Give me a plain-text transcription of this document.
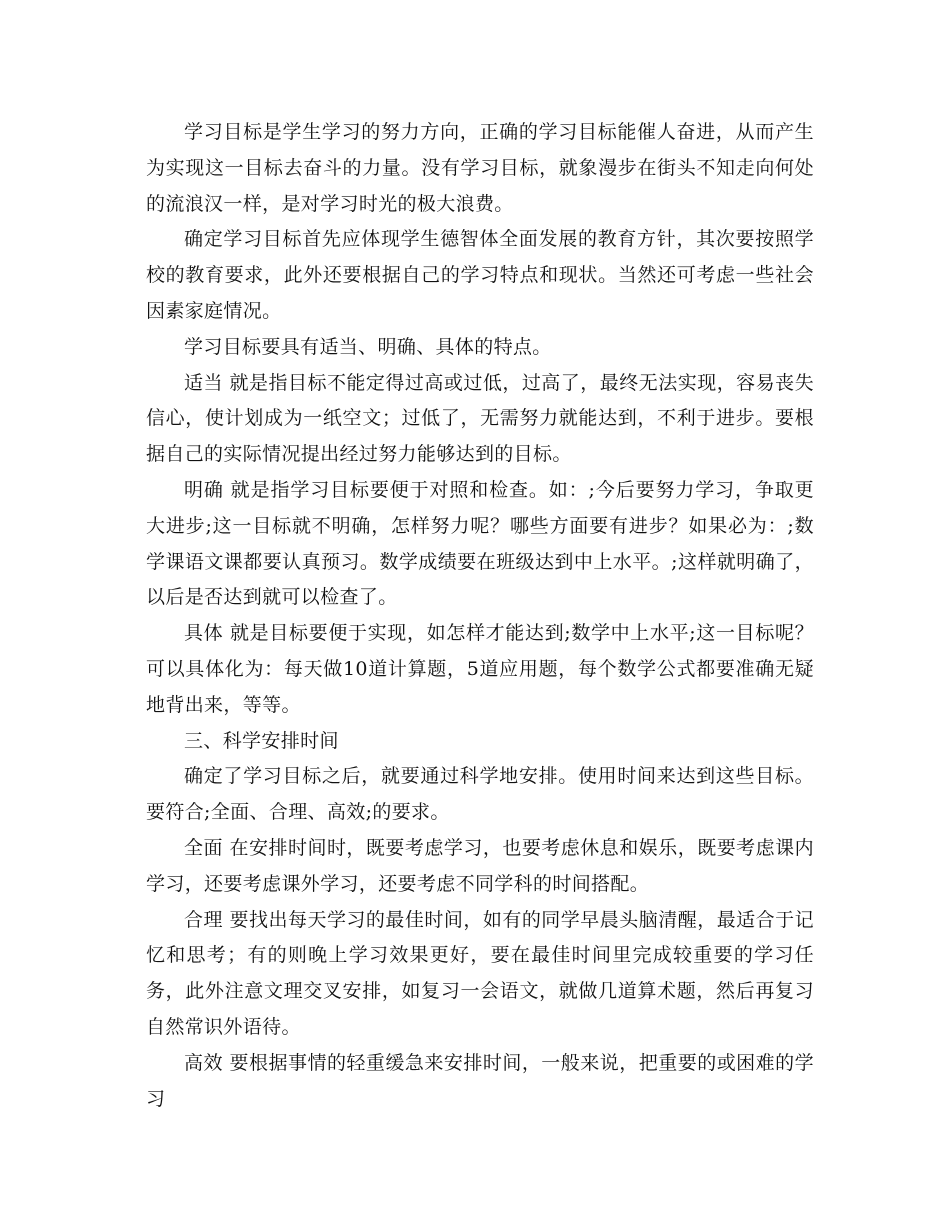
学习目标是学生学习的努力方向，正确的学习目标能催人奋进，从而产生为实现这一目标去奋斗的力量。没有学习目标，就象漫步在街头不知走向何处的流浪汉一样，是对学习时光的极大浪费。

确定学习目标首先应体现学生德智体全面发展的教育方针，其次要按照学校的教育要求，此外还要根据自己的学习特点和现状。当然还可考虑一些社会因素家庭情况。

学习目标要具有适当、明确、具体的特点。

适当 就是指目标不能定得过高或过低，过高了，最终无法实现，容易丧失信心，使计划成为一纸空文；过低了，无需努力就能达到，不利于进步。要根据自己的实际情况提出经过努力能够达到的目标。

明确 就是指学习目标要便于对照和检查。如：;今后要努力学习，争取更大进步;这一目标就不明确，怎样努力呢？哪些方面要有进步？如果必为：;数学课语文课都要认真预习。数学成绩要在班级达到中上水平。;这样就明确了，以后是否达到就可以检查了。

具体 就是目标要便于实现，如怎样才能达到;数学中上水平;这一目标呢？可以具体化为：每天做10道计算题，5道应用题，每个数学公式都要准确无疑地背出来，等等。

三、科学安排时间

确定了学习目标之后，就要通过科学地安排。使用时间来达到这些目标。要符合;全面、合理、高效;的要求。

全面 在安排时间时，既要考虑学习，也要考虑休息和娱乐，既要考虑课内学习，还要考虑课外学习，还要考虑不同学科的时间搭配。

合理 要找出每天学习的最佳时间，如有的同学早晨头脑清醒，最适合于记忆和思考；有的则晚上学习效果更好，要在最佳时间里完成较重要的学习任务，此外注意文理交叉安排，如复习一会语文，就做几道算术题，然后再复习自然常识外语待。

高效 要根据事情的轻重缓急来安排时间，一般来说，把重要的或困难的学习
